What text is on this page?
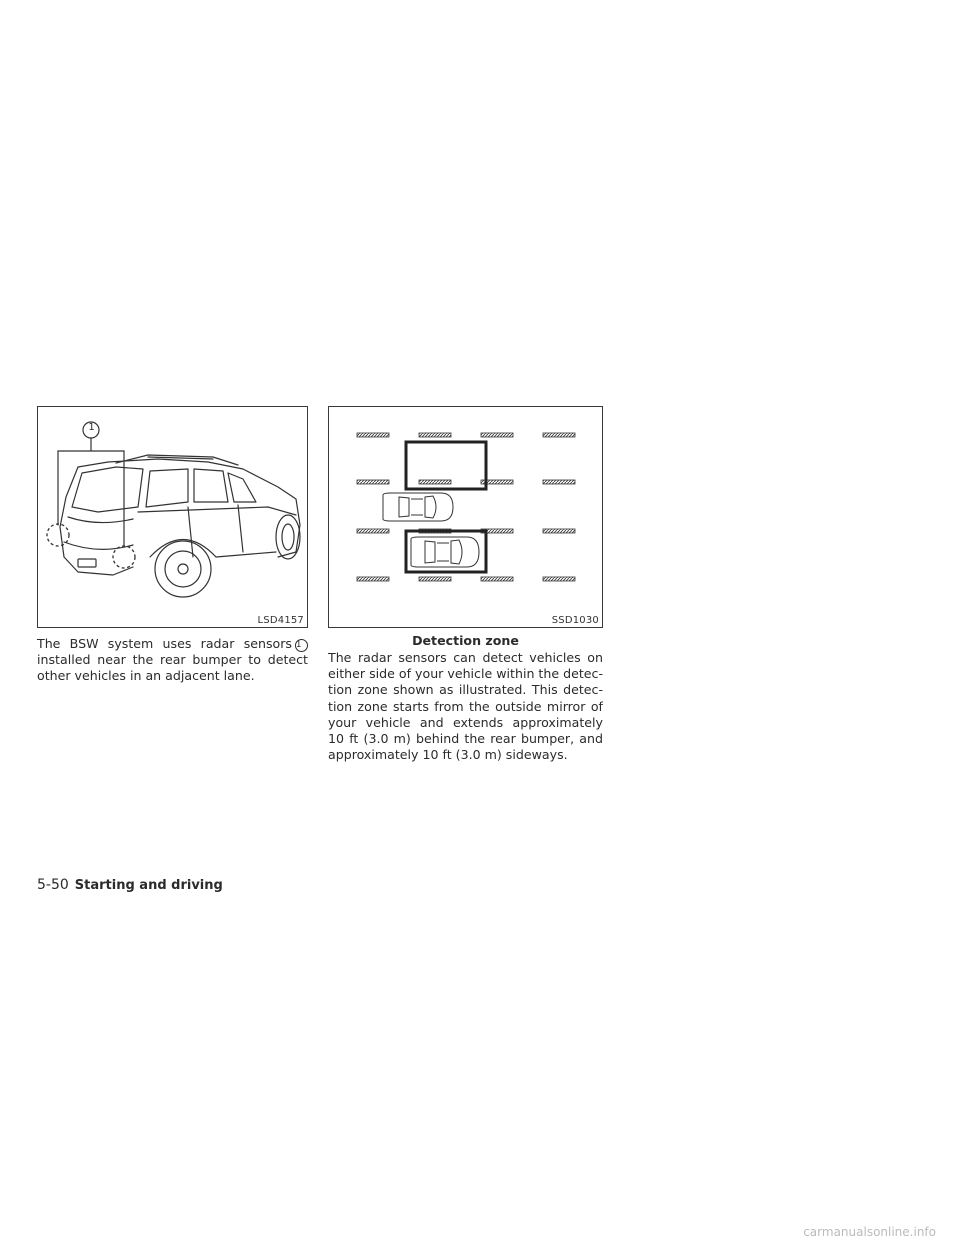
1
LSD4157	SSD1030
Detection zone
The BSW system uses radar sensors 1
installed near the rear bumper to detect
other vehicles in an adjacent lane.
The radar sensors can detect vehicles on
either side of your vehicle within the detec-
tion zone shown as illustrated. This detec-
tion zone starts from the outside mirror of
your vehicle and extends approximately
10 ft (3.0 m) behind the rear bumper, and
approximately 10 ft (3.0 m) sideways.
5-50 Starting and driving
carmanualsonline.info
